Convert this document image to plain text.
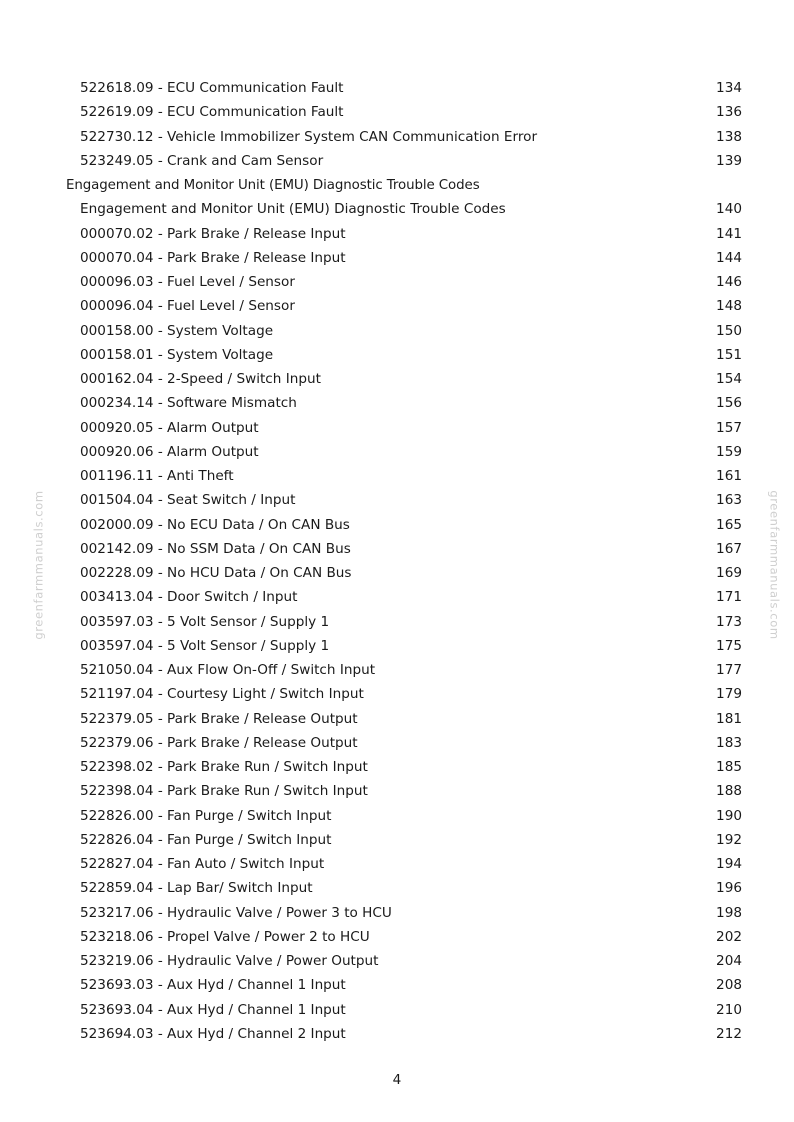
522618.09 - ECU Communication Fault	134
522619.09 - ECU Communication Fault	136
522730.12 - Vehicle Immobilizer System CAN Communication Error	138
523249.05 - Crank and Cam Sensor	139
Engagement and Monitor Unit (EMU) Diagnostic Trouble Codes
Engagement and Monitor Unit (EMU) Diagnostic Trouble Codes	140
000070.02 - Park Brake / Release Input	141
000070.04 - Park Brake / Release Input	144
000096.03 - Fuel Level / Sensor	146
000096.04 - Fuel Level / Sensor	148
000158.00 - System Voltage	150
000158.01 - System Voltage	151
000162.04 - 2-Speed / Switch Input	154
000234.14 - Software Mismatch	156
000920.05 - Alarm Output	157
000920.06 - Alarm Output	159
001196.11 - Anti Theft	161
001504.04 - Seat Switch / Input	163
002000.09 - No ECU Data / On CAN Bus	165
002142.09 - No SSM Data / On CAN Bus	167
002228.09 - No HCU Data / On CAN Bus	169
003413.04 - Door Switch / Input	171
003597.03 - 5 Volt Sensor / Supply 1	173
003597.04 - 5 Volt Sensor / Supply 1	175
521050.04 - Aux Flow On-Off / Switch Input	177
521197.04 - Courtesy Light / Switch Input	179
522379.05 - Park Brake / Release Output	181
522379.06 - Park Brake / Release Output	183
522398.02 - Park Brake Run / Switch Input	185
522398.04 - Park Brake Run / Switch Input	188
522826.00 - Fan Purge / Switch Input	190
522826.04 - Fan Purge / Switch Input	192
522827.04 - Fan Auto / Switch Input	194
522859.04 - Lap Bar/ Switch Input	196
523217.06 - Hydraulic Valve / Power 3 to HCU	198
523218.06 - Propel Valve / Power 2 to HCU	202
523219.06 - Hydraulic Valve / Power Output	204
523693.03 - Aux Hyd / Channel 1 Input	208
523693.04 - Aux Hyd / Channel 1 Input	210
523694.03 - Aux Hyd / Channel 2 Input	212
greenfarmmanuals.com	greenfarmmanuals.com
4
